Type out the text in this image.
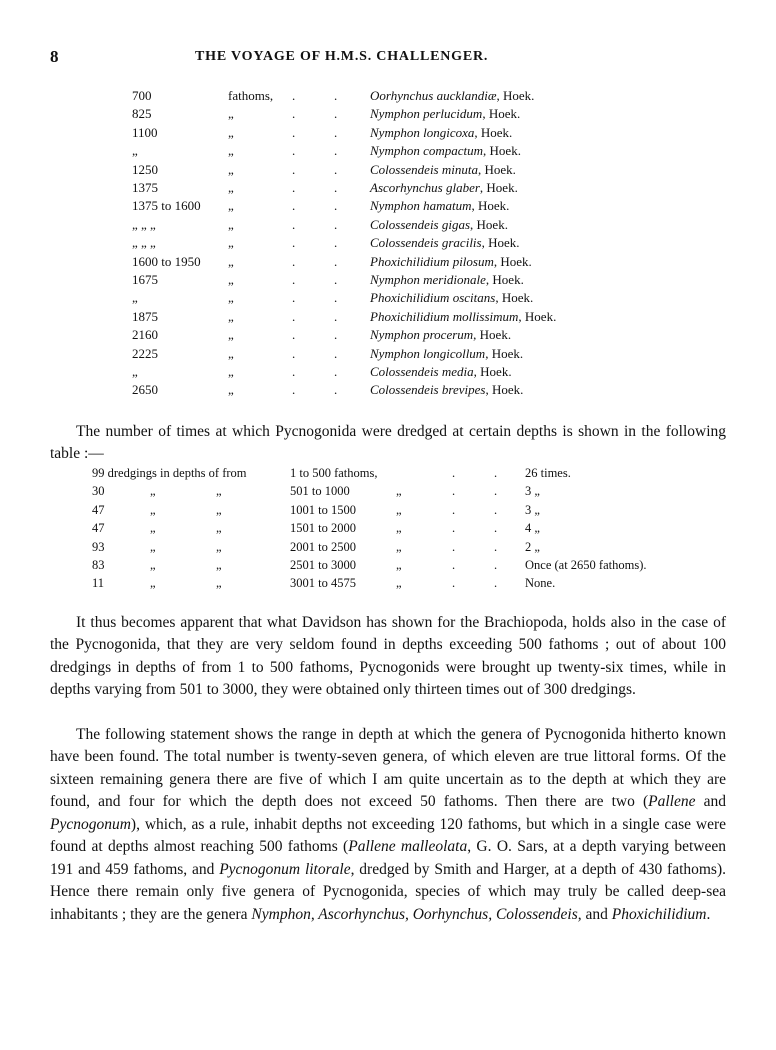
8	THE VOYAGE OF H.M.S. CHALLENGER.
700	fathoms, .	.	Oorhynchus aucklandiæ, Hoek.
825	„	.	.	Nymphon perlucidum, Hoek.
1100	„	.	.	Nymphon longicoxa, Hoek.
„	„	.	.	Nymphon compactum, Hoek.
1250	„	.	.	Colossendeis minuta, Hoek.
1375	„	.	.	Ascorhynchus glaber, Hoek.
1375 to 1600 „	.	.	Nymphon hamatum, Hoek.
„ „ „	„	.	.	Colossendeis gigas, Hoek.
„ „ „	„	.	.	Colossendeis gracilis, Hoek.
1600 to 1950 „	.	.	Phoxichilidium pilosum, Hoek.
1675	„	.	.	Nymphon meridionale, Hoek.
„	„	.	.	Phoxichilidium oscitans, Hoek.
1875	„	.	.	Phoxichilidium mollissimum, Hoek.
2160	„	.	.	Nymphon procerum, Hoek.
2225	„	.	.	Nymphon longicollum, Hoek.
„	„	.	.	Colossendeis media, Hoek.
2650	„	.	.	Colossendeis brevipes, Hoek.

The number of times at which Pycnogonida were dredged at certain depths is shown in the following table :—

99 dredgings in depths of from	1 to 500 fathoms,	.	. 26 times.
30	„	„	501 to 1000	„	.	. 3 „
47	„	„	1001 to 1500	„	.	. 3 „
47	„	„	1501 to 2000	„	.	. 4 „
93	„	„	2001 to 2500	„	.	. 2 „
83	„	„	2501 to 3000	„	.	. Once (at 2650 fathoms).
11	„	„	3001 to 4575	„	.	. None.

It thus becomes apparent that what Davidson has shown for the Brachiopoda, holds also in the case of the Pycnogonida, that they are very seldom found in depths exceeding 500 fathoms ; out of about 100 dredgings in depths of from 1 to 500 fathoms, Pycnogonids were brought up twenty-six times, while in depths varying from 501 to 3000, they were obtained only thirteen times out of 300 dredgings.

The following statement shows the range in depth at which the genera of Pycnogonida hitherto known have been found. The total number is twenty-seven genera, of which eleven are true littoral forms. Of the sixteen remaining genera there are five of which I am quite uncertain as to the depth at which they are found, and four for which the depth does not exceed 50 fathoms. Then there are two (Pallene and Pycnogonum), which, as a rule, inhabit depths not exceeding 120 fathoms, but which in a single case were found at depths almost reaching 500 fathoms (Pallene malleolata, G. O. Sars, at a depth varying between 191 and 459 fathoms, and Pycnogonum litorale, dredged by Smith and Harger, at a depth of 430 fathoms). Hence there remain only five genera of Pycnogonida, species of which may truly be called deep-sea inhabitants ; they are the genera Nymphon, Ascorhynchus, Oorhynchus, Colossendeis, and Phoxichilidium.
